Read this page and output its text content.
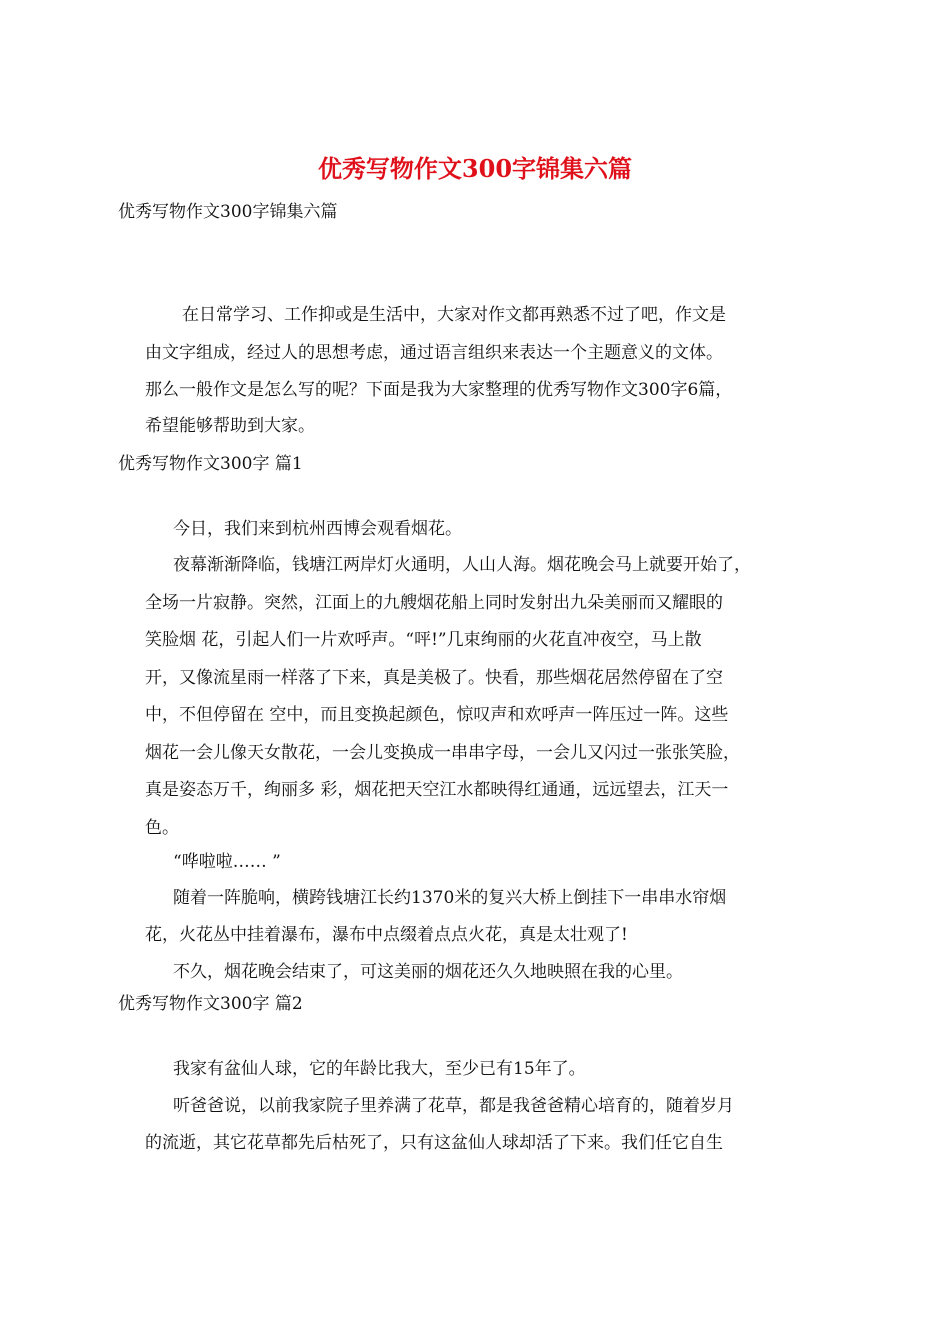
优秀写物作文300字锦集六篇
优秀写物作文300字锦集六篇
在日常学习、工作抑或是生活中，大家对作文都再熟悉不过了吧，作文是
由文字组成，经过人的思想考虑，通过语言组织来表达一个主题意义的文体。
那么一般作文是怎么写的呢？下面是我为大家整理的优秀写物作文300字6篇，
希望能够帮助到大家。
优秀写物作文300字 篇1
今日，我们来到杭州西博会观看烟花。
夜幕渐渐降临，钱塘江两岸灯火通明，人山人海。烟花晚会马上就要开始了，
全场一片寂静。突然，江面上的九艘烟花船上同时发射出九朵美丽而又耀眼的
笑脸烟 花，引起人们一片欢呼声。“呯!”几束绚丽的火花直冲夜空，马上散
开，又像流星雨一样落了下来，真是美极了。快看，那些烟花居然停留在了空
中，不但停留在 空中，而且变换起颜色，惊叹声和欢呼声一阵压过一阵。这些
烟花一会儿像天女散花，一会儿变换成一串串字母，一会儿又闪过一张张笑脸，
真是姿态万千，绚丽多 彩，烟花把天空江水都映得红通通，远远望去，江天一
色。
“哗啦啦…… ”
随着一阵脆响，横跨钱塘江长约1370米的复兴大桥上倒挂下一串串水帘烟
花，火花丛中挂着瀑布，瀑布中点缀着点点火花，真是太壮观了!
不久，烟花晚会结束了，可这美丽的烟花还久久地映照在我的心里。
优秀写物作文300字 篇2
我家有盆仙人球，它的年龄比我大，至少已有15年了。
听爸爸说，以前我家院子里养满了花草，都是我爸爸精心培育的，随着岁月
的流逝，其它花草都先后枯死了，只有这盆仙人球却活了下来。我们任它自生
